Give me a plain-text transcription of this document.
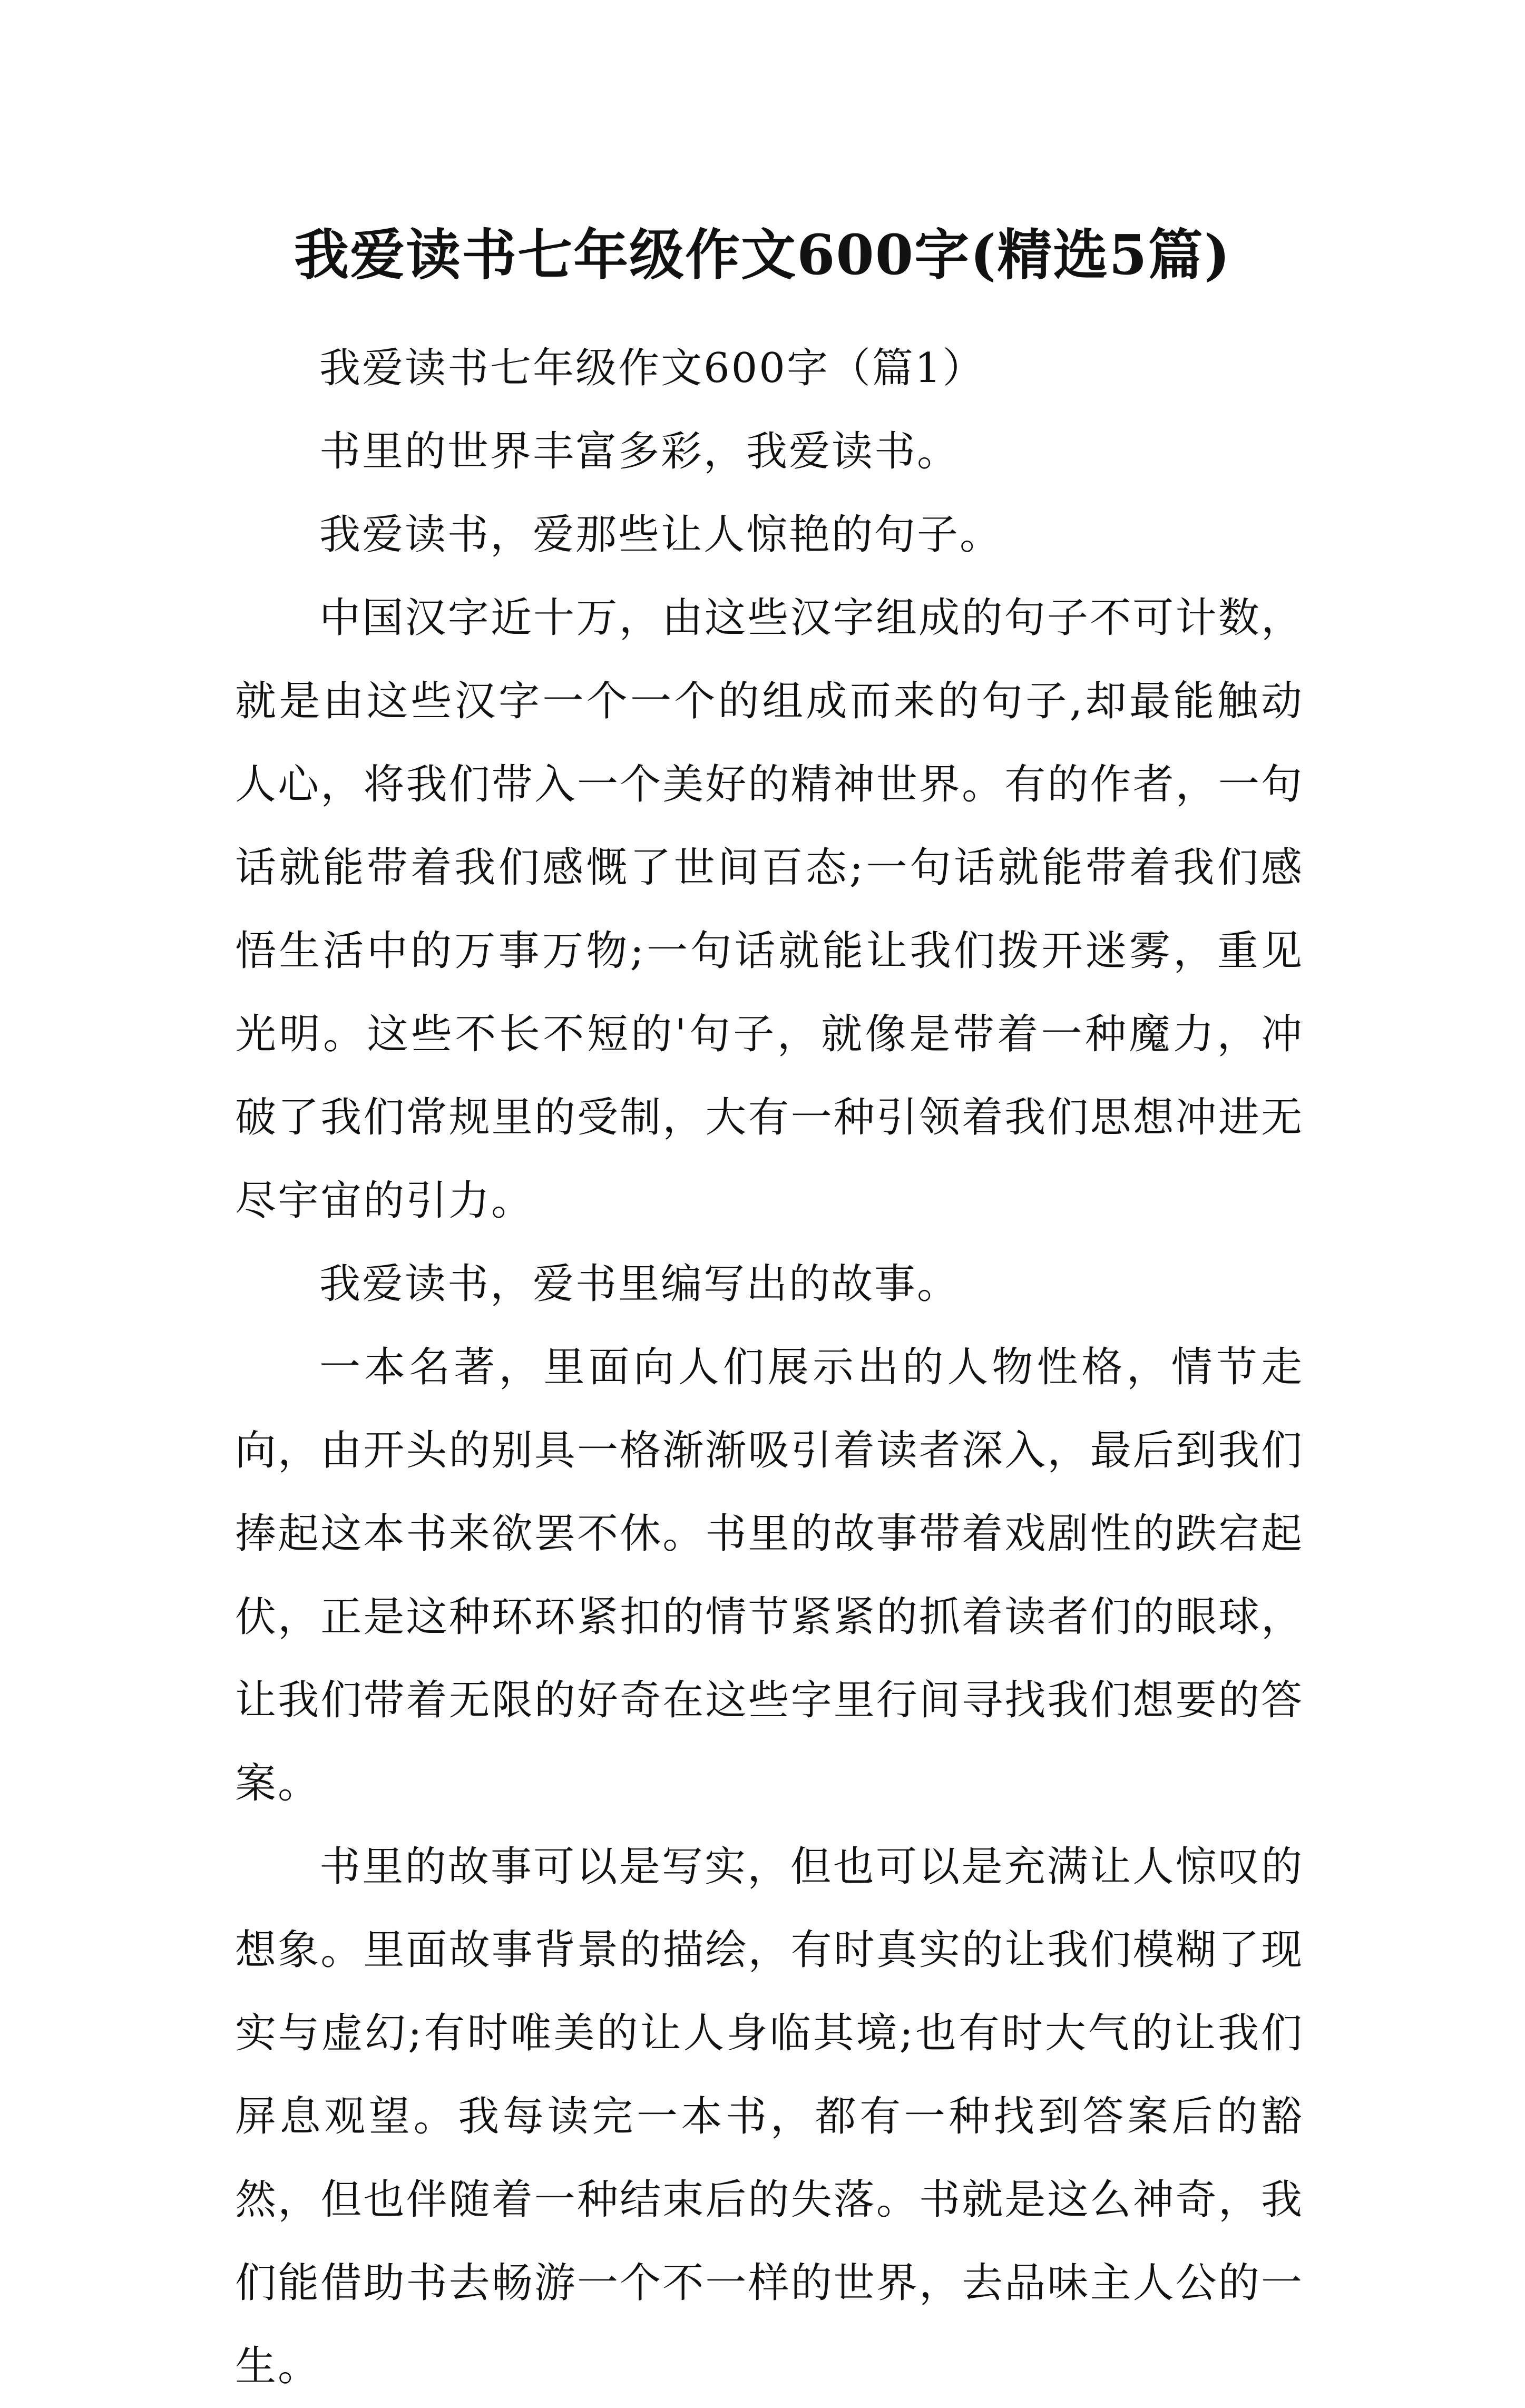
我爱读书七年级作文600字(精选5篇)

我爱读书七年级作文600字（篇1）

书里的世界丰富多彩，我爱读书。

我爱读书，爱那些让人惊艳的句子。

中国汉字近十万，由这些汉字组成的句子不可计数，就是由这些汉字一个一个的组成而来的句子,却最能触动人心，将我们带入一个美好的精神世界。有的作者，一句话就能带着我们感慨了世间百态;一句话就能带着我们感悟生活中的万事万物;一句话就能让我们拨开迷雾，重见光明。这些不长不短的'句子，就像是带着一种魔力，冲破了我们常规里的受制，大有一种引领着我们思想冲进无尽宇宙的引力。

我爱读书，爱书里编写出的故事。

一本名著，里面向人们展示出的人物性格，情节走向，由开头的别具一格渐渐吸引着读者深入，最后到我们捧起这本书来欲罢不休。书里的故事带着戏剧性的跌宕起伏，正是这种环环紧扣的情节紧紧的抓着读者们的眼球，让我们带着无限的好奇在这些字里行间寻找我们想要的答案。

书里的故事可以是写实，但也可以是充满让人惊叹的想象。里面故事背景的描绘，有时真实的让我们模糊了现实与虚幻;有时唯美的让人身临其境;也有时大气的让我们屏息观望。我每读完一本书，都有一种找到答案后的豁然，但也伴随着一种结束后的失落。书就是这么神奇，我们能借助书去畅游一个不一样的世界，去品味主人公的一生。
